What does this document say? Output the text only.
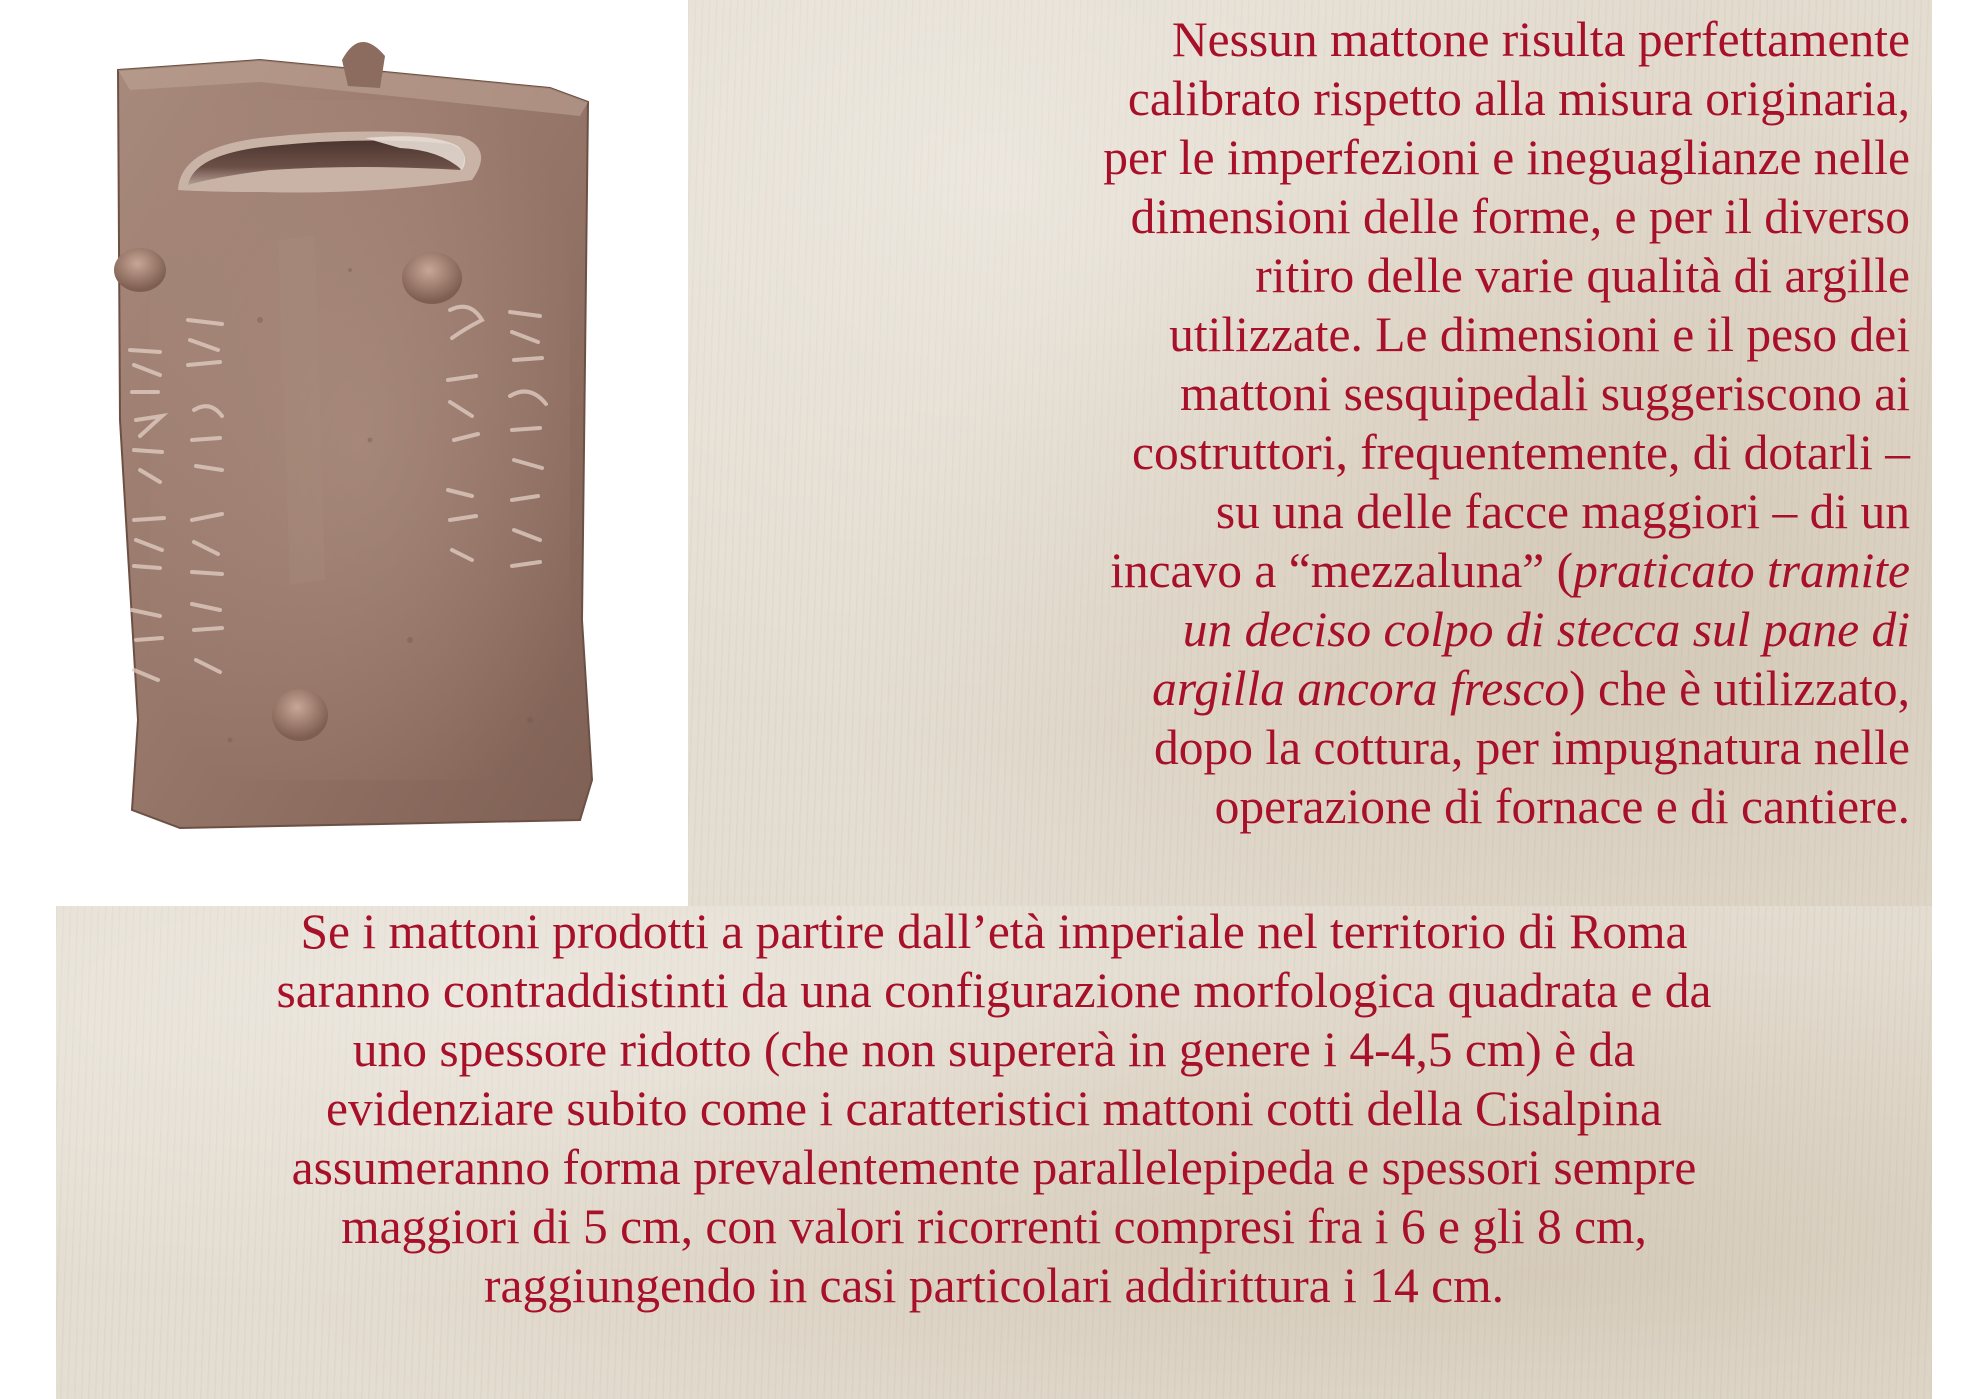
Nessun mattone risulta perfettamente
calibrato rispetto alla misura originaria,
per le imperfezioni e ineguaglianze nelle
dimensioni delle forme, e per il diverso
ritiro delle varie qualità di argille
utilizzate. Le dimensioni e il peso dei
mattoni sesquipedali suggeriscono ai
costruttori, frequentemente, di dotarli –
su una delle facce maggiori – di un
incavo a “mezzaluna” (praticato tramite
un deciso colpo di stecca sul pane di
argilla ancora fresco) che è utilizzato,
dopo la cottura, per impugnatura nelle
operazione di fornace e di cantiere.

Se i mattoni prodotti a partire dall’età imperiale nel territorio di Roma
saranno contraddistinti da una configurazione morfologica quadrata e da
uno spessore ridotto (che non supererà in genere i 4-4,5 cm) è da
evidenziare subito come i caratteristici mattoni cotti della Cisalpina
assumeranno forma prevalentemente parallelepipeda e spessori sempre
maggiori di 5 cm, con valori ricorrenti compresi fra i 6 e gli 8 cm,
raggiungendo in casi particolari addirittura i 14 cm.
